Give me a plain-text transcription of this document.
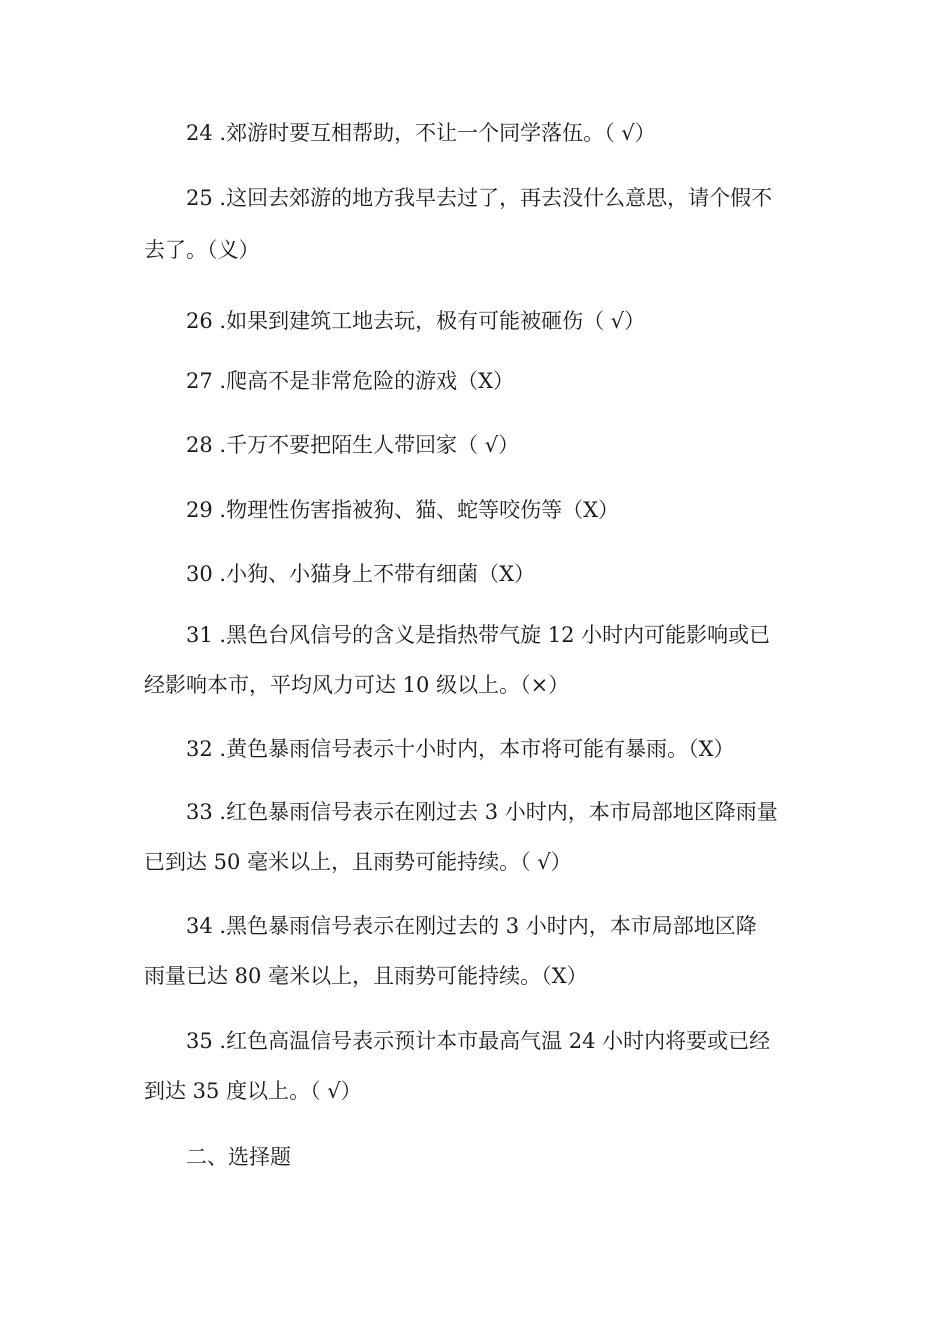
24 .郊游时要互相帮助，不让一个同学落伍。（ √）
25 .这回去郊游的地方我早去过了，再去没什么意思，请个假不
去了。（义）
26 .如果到建筑工地去玩，极有可能被砸伤（ √）
27 .爬高不是非常危险的游戏（X）
28 .千万不要把陌生人带回家（ √）
29 .物理性伤害指被狗、猫、蛇等咬伤等（X）
30 .小狗、小猫身上不带有细菌（X）
31 .黑色台风信号的含义是指热带气旋 12 小时内可能影响或已
经影响本市，平均风力可达 10 级以上。（×）
32 .黄色暴雨信号表示十小时内，本市将可能有暴雨。（X）
33 .红色暴雨信号表示在刚过去 3 小时内，本市局部地区降雨量
已到达 50 毫米以上，且雨势可能持续。（ √）
34 .黑色暴雨信号表示在刚过去的 3 小时内，本市局部地区降
雨量已达 80 毫米以上，且雨势可能持续。（X）
35 .红色高温信号表示预计本市最高气温 24 小时内将要或已经
到达 35 度以上。（ √）
二、选择题
